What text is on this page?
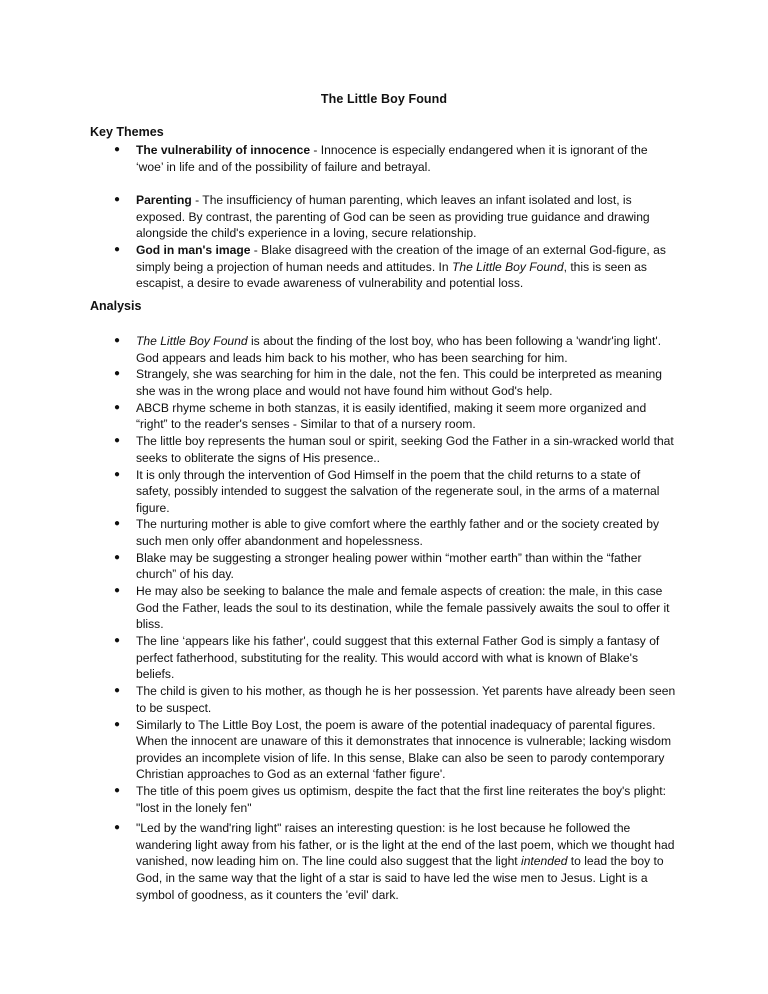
The Little Boy Found
Key Themes
● The vulnerability of innocence - Innocence is especially endangered when it is ignorant of the ‘woe’ in life and of the possibility of failure and betrayal.
● Parenting - The insufficiency of human parenting, which leaves an infant isolated and lost, is exposed. By contrast, the parenting of God can be seen as providing true guidance and drawing alongside the child's experience in a loving, secure relationship.
● God in man's image - Blake disagreed with the creation of the image of an external God-figure, as simply being a projection of human needs and attitudes. In The Little Boy Found, this is seen as escapist, a desire to evade awareness of vulnerability and potential loss.
Analysis
● The Little Boy Found is about the finding of the lost boy, who has been following a 'wandr'ing light'. God appears and leads him back to his mother, who has been searching for him.
● Strangely, she was searching for him in the dale, not the fen. This could be interpreted as meaning she was in the wrong place and would not have found him without God's help.
● ABCB rhyme scheme in both stanzas, it is easily identified, making it seem more organized and “right” to the reader's senses - Similar to that of a nursery room.
● The little boy represents the human soul or spirit, seeking God the Father in a sin-wracked world that seeks to obliterate the signs of His presence..
● It is only through the intervention of God Himself in the poem that the child returns to a state of safety, possibly intended to suggest the salvation of the regenerate soul, in the arms of a maternal figure.
● The nurturing mother is able to give comfort where the earthly father and or the society created by such men only offer abandonment and hopelessness.
● Blake may be suggesting a stronger healing power within “mother earth” than within the “father church” of his day.
● He may also be seeking to balance the male and female aspects of creation: the male, in this case God the Father, leads the soul to its destination, while the female passively awaits the soul to offer it bliss.
● The line ‘appears like his father', could suggest that this external Father God is simply a fantasy of perfect fatherhood, substituting for the reality. This would accord with what is known of Blake's beliefs.
● The child is given to his mother, as though he is her possession. Yet parents have already been seen to be suspect.
● Similarly to The Little Boy Lost, the poem is aware of the potential inadequacy of parental figures. When the innocent are unaware of this it demonstrates that innocence is vulnerable; lacking wisdom provides an incomplete vision of life. In this sense, Blake can also be seen to parody contemporary Christian approaches to God as an external ‘father figure'.
● The title of this poem gives us optimism, despite the fact that the first line reiterates the boy's plight: "lost in the lonely fen"
● "Led by the wand'ring light" raises an interesting question: is he lost because he followed the wandering light away from his father, or is the light at the end of the last poem, which we thought had vanished, now leading him on. The line could also suggest that the light intended to lead the boy to God, in the same way that the light of a star is said to have led the wise men to Jesus. Light is a symbol of goodness, as it counters the 'evil' dark.
